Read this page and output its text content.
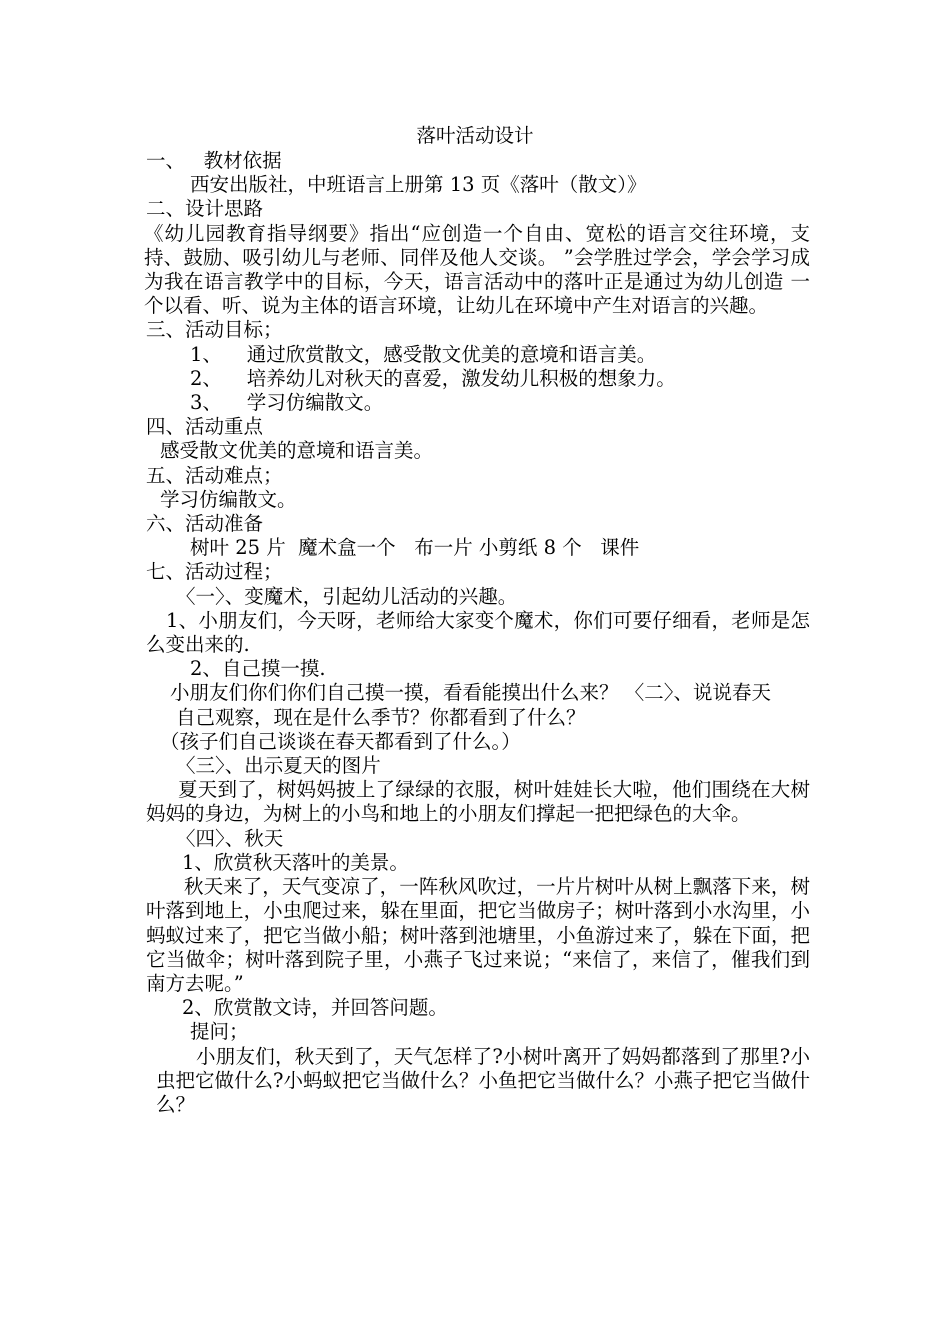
落叶活动设计
一、   教材依据
西安出版社，中班语言上册第 13 页《落叶（散文）》
二、设计思路
《幼儿园教育指导纲要》指出“应创造一个自由、宽松的语言交往环境，支持、鼓励、吸引幼儿与老师、同伴及他人交谈。 ”会学胜过学会，学会学习成为我在语言教学中的目标，今天，语言活动中的落叶正是通过为幼儿创造 一个以看、听、说为主体的语言环境，让幼儿在环境中产生对语言的兴趣。
三、活动目标；
1、    通过欣赏散文，感受散文优美的意境和语言美。
2、    培养幼儿对秋天的喜爱，激发幼儿积极的想象力。
3、    学习仿编散文。
四、活动重点
感受散文优美的意境和语言美。
五、活动难点；
学习仿编散文。
六、活动准备
树叶 25 片  魔术盒一个   布一片 小剪纸 8 个   课件
七、活动过程；
〈一〉、变魔术，引起幼儿活动的兴趣。
1、小朋友们，今天呀，老师给大家变个魔术，你们可要仔细看，老师是怎么变出来的.
2、自己摸一摸.
小朋友们你们你们自己摸一摸，看看能摸出什么来？ 〈二〉、说说春天
自己观察，现在是什么季节？你都看到了什么？
（孩子们自己谈谈在春天都看到了什么。）
〈三〉、出示夏天的图片
夏天到了，树妈妈披上了绿绿的衣服，树叶娃娃长大啦，他们围绕在大树妈妈的身边，为树上的小鸟和地上的小朋友们撑起一把把绿色的大伞。
〈四〉、秋天
1、欣赏秋天落叶的美景。
秋天来了，天气变凉了，一阵秋风吹过，一片片树叶从树上飘落下来，树叶落到地上，小虫爬过来，躲在里面，把它当做房子；树叶落到小水沟里，小蚂蚁过来了，把它当做小船；树叶落到池塘里，小鱼游过来了，躲在下面，把它当做伞；树叶落到院子里，小燕子飞过来说；“来信了，来信了，催我们到南方去呢。”
2、欣赏散文诗，并回答问题。
提问；
小朋友们，秋天到了，天气怎样了?小树叶离开了妈妈都落到了那里?小虫把它做什么?小蚂蚁把它当做什么？小鱼把它当做什么？小燕子把它当做什么？
